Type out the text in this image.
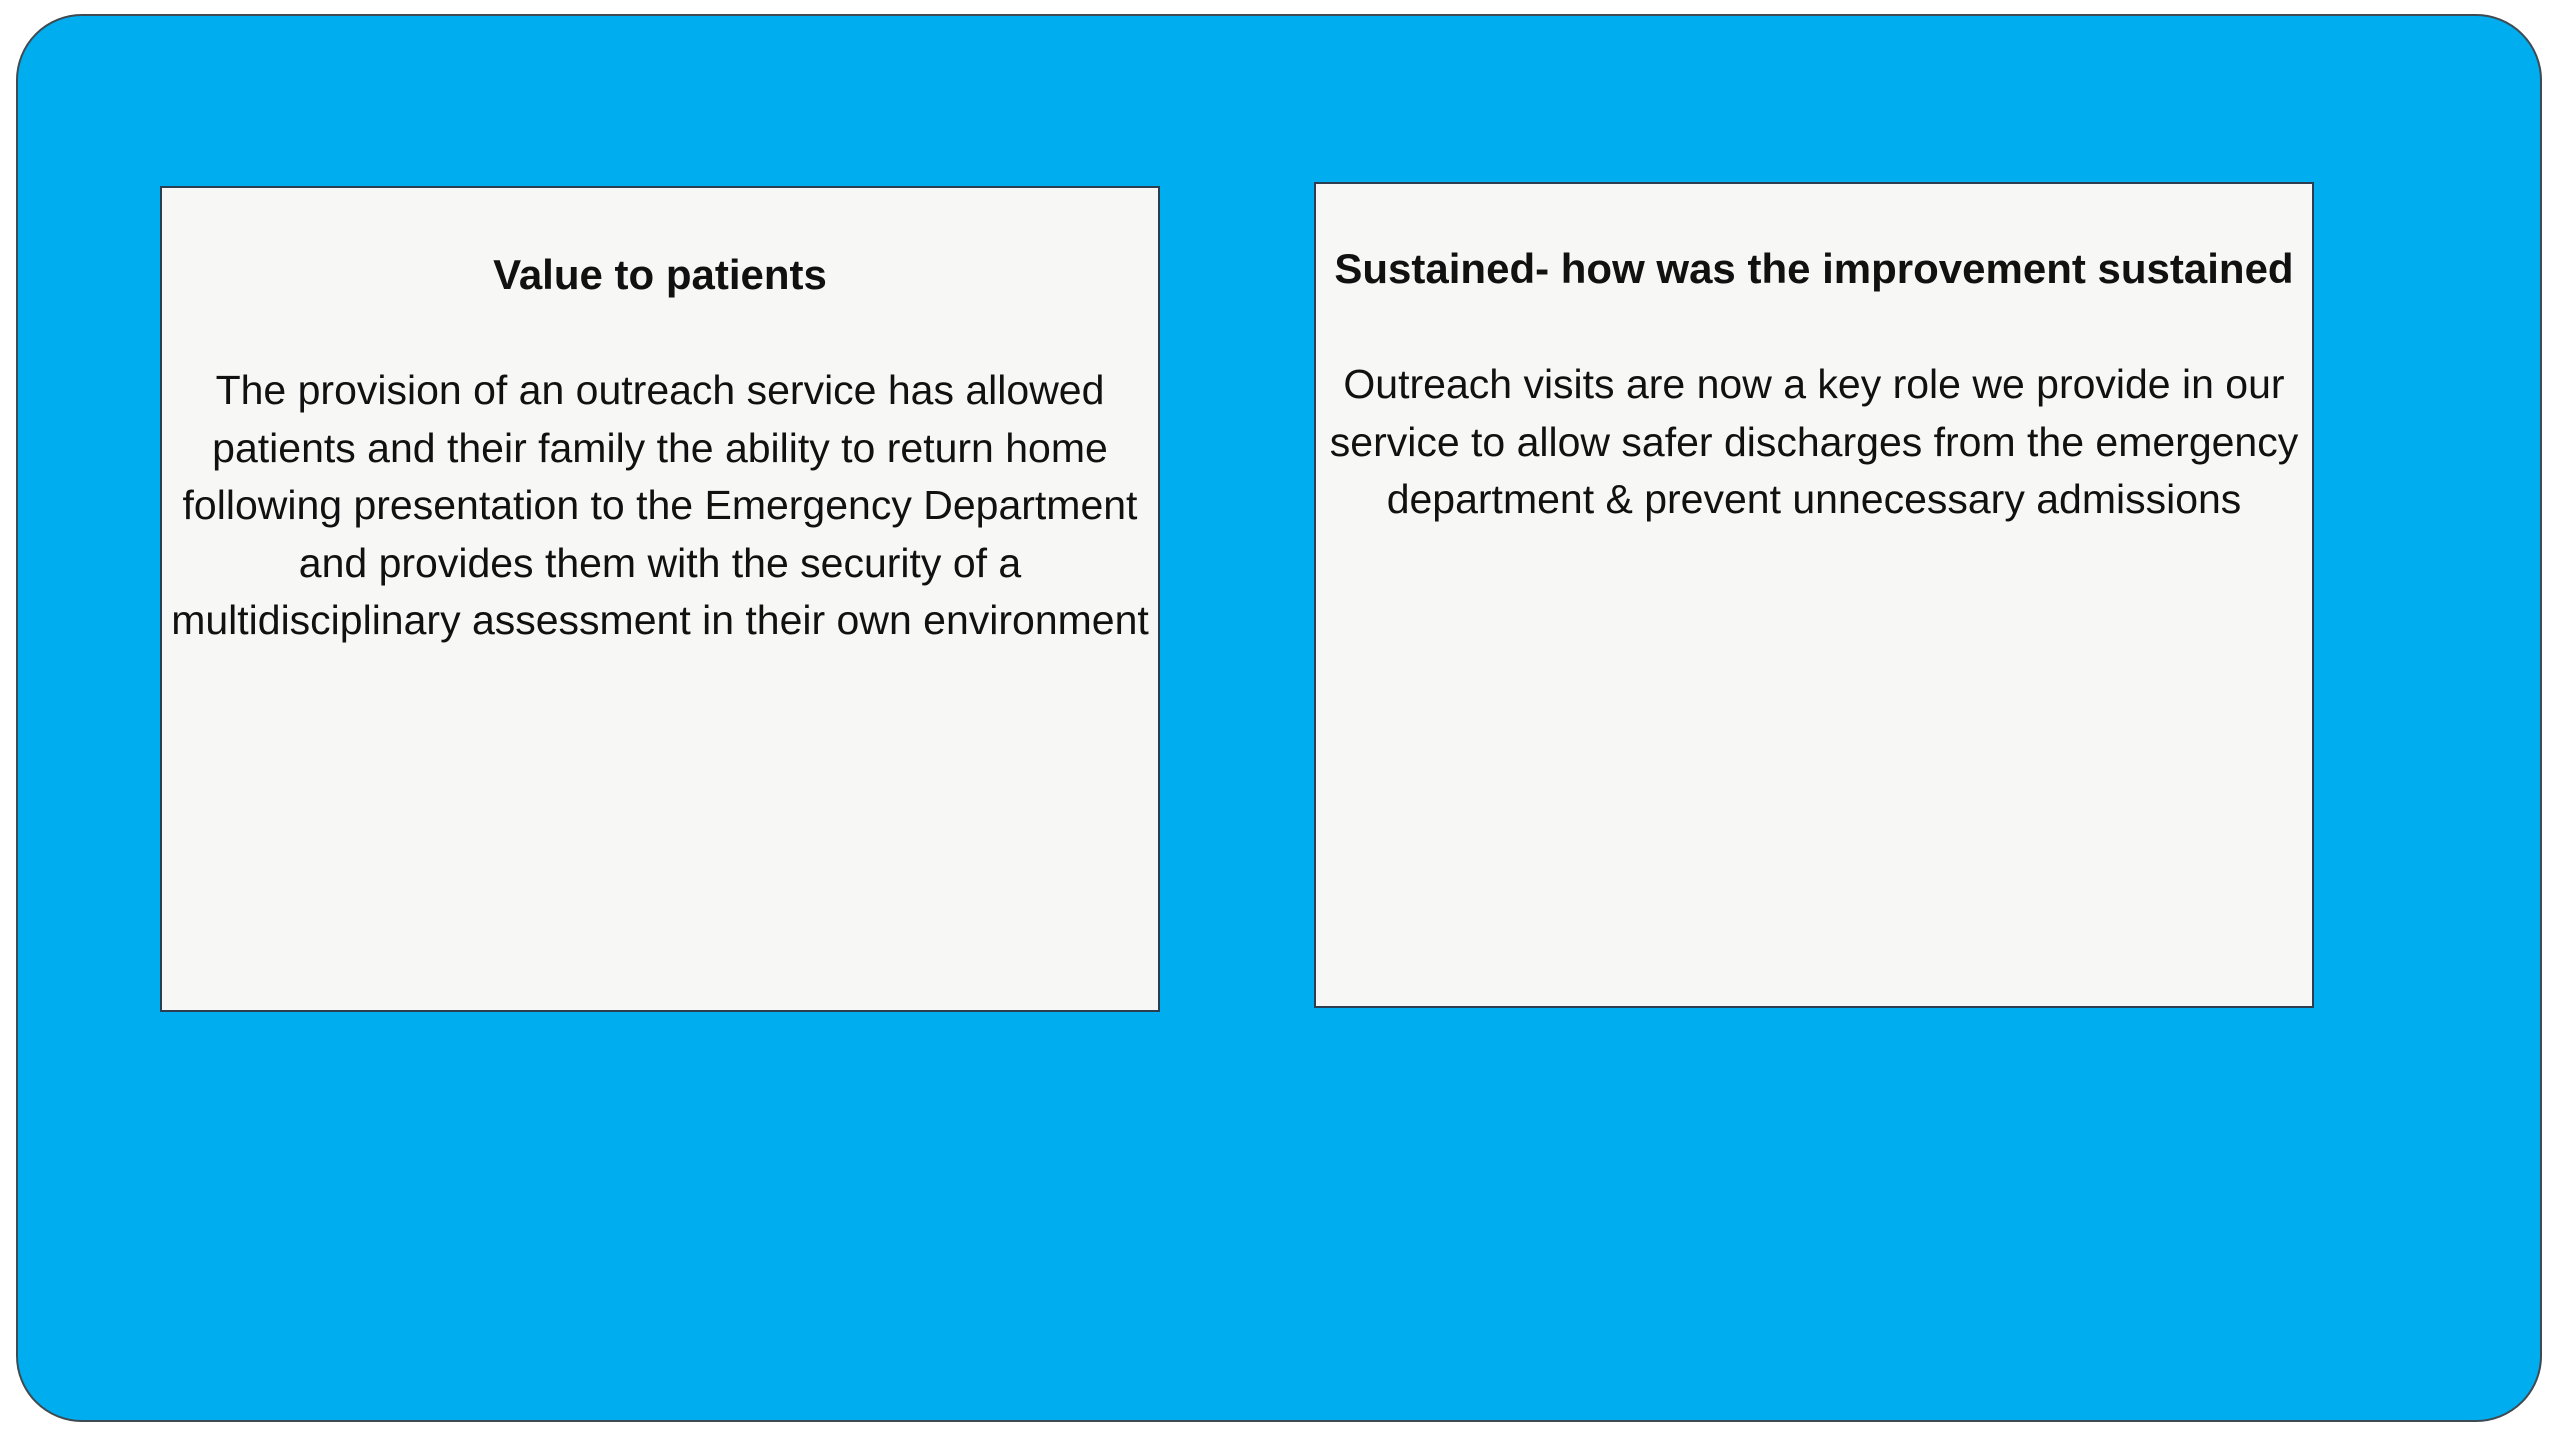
Value to patients

The provision of an outreach service has allowed patients and their family the ability to return home following presentation to the Emergency Department and provides them with the security of a multidisciplinary assessment in their own environment

Sustained- how was the improvement sustained

Outreach visits are now a key role we provide in our service to allow safer discharges from the emergency department & prevent unnecessary admissions
